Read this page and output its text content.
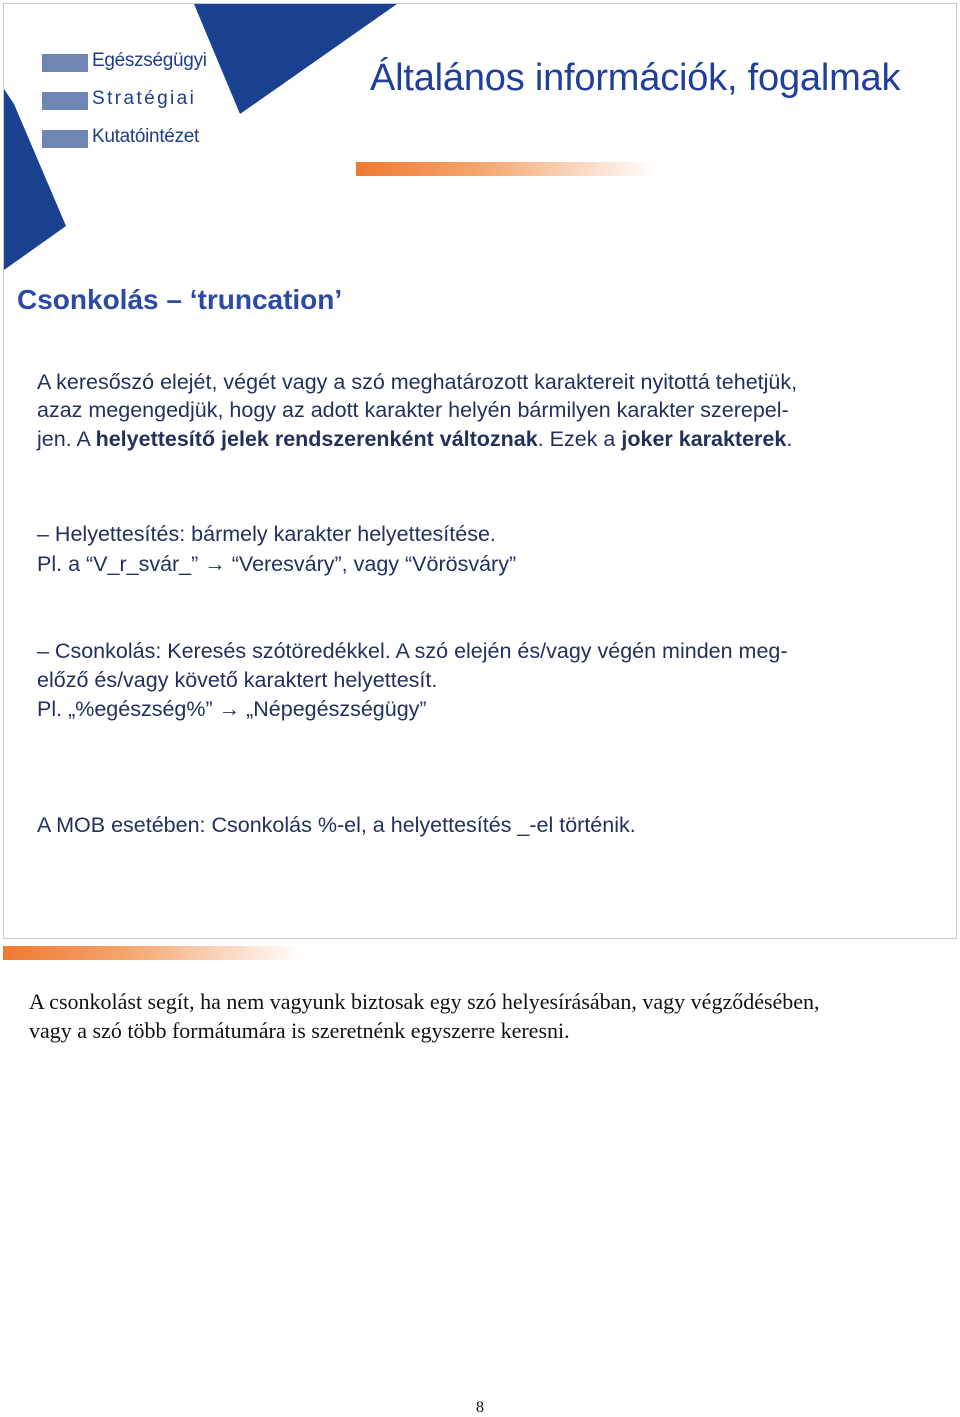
Egészségügyi
Stratégiai
Kutatóintézet
Általános információk, fogalmak
Csonkolás – ‘truncation’
A keresőszó elejét, végét vagy a szó meghatározott karaktereit nyitottá tehetjük,
azaz megengedjük, hogy az adott karakter helyén bármilyen karakter szerepel-
jen. A helyettesítő jelek rendszerenként változnak. Ezek a joker karakterek.
– Helyettesítés: bármely karakter helyettesítése.
Pl. a “V_r_svár_” → “Veresváry”, vagy “Vörösváry”
– Csonkolás: Keresés szótöredékkel. A szó elején és/vagy végén minden meg-
előző és/vagy követő karaktert helyettesít.
Pl. „%egészség%” → „Népegészségügy”
A MOB esetében: Csonkolás %-el, a helyettesítés _-el történik.
A csonkolást segít, ha nem vagyunk biztosak egy szó helyesírásában, vagy végződésében,
vagy a szó több formátumára is szeretnénk egyszerre keresni.
8
